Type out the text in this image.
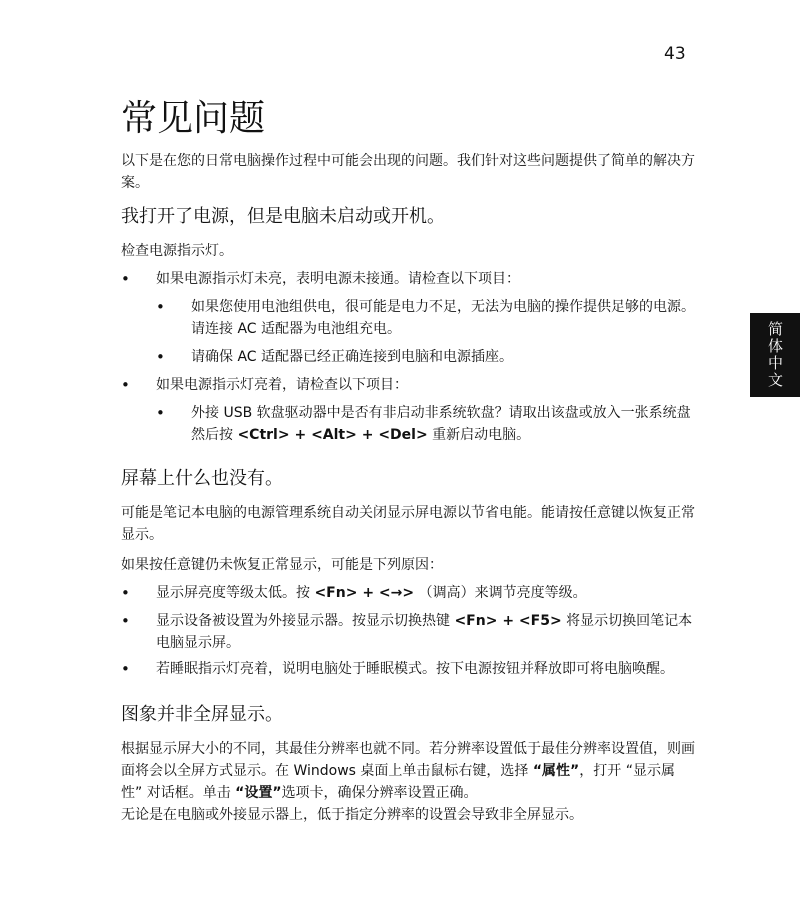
43
常见问题
简体中文

以下是在您的日常电脑操作过程中可能会出现的问题。我们针对这些问题提供了简单的解决方案。

我打开了电源，但是电脑未启动或开机。

检查电源指示灯。

•	如果电源指示灯未亮，表明电源未接通。请检查以下项目：
•	如果您使用电池组供电，很可能是电力不足，无法为电脑的操作提供足够的电源。请连接 AC 适配器为电池组充电。
•	请确保 AC 适配器已经正确连接到电脑和电源插座。
•	如果电源指示灯亮着，请检查以下项目：
•	外接 USB 软盘驱动器中是否有非启动非系统软盘？请取出该盘或放入一张系统盘然后按 <Ctrl> + <Alt> + <Del> 重新启动电脑。
屏幕上什么也没有。

可能是笔记本电脑的电源管理系统自动关闭显示屏电源以节省电能。能请按任意键以恢复正常显示。

如果按任意键仍未恢复正常显示，可能是下列原因：

•	显示屏亮度等级太低。按 <Fn> + <→> （调高）来调节亮度等级。
•	显示设备被设置为外接显示器。按显示切换热键 <Fn> + <F5> 将显示切换回笔记本电脑显示屏。
•	若睡眠指示灯亮着，说明电脑处于睡眠模式。按下电源按钮并释放即可将电脑唤醒。
图象并非全屏显示。

根据显示屏大小的不同，其最佳分辨率也就不同。若分辨率设置低于最佳分辨率设置值，则画面将会以全屏方式显示。在 Windows 桌面上单击鼠标右键，选择 “属性”，打开 “显示属性” 对话框。单击 “设置”选项卡，确保分辨率设置正确。

无论是在电脑或外接显示器上，低于指定分辨率的设置会导致非全屏显示。
